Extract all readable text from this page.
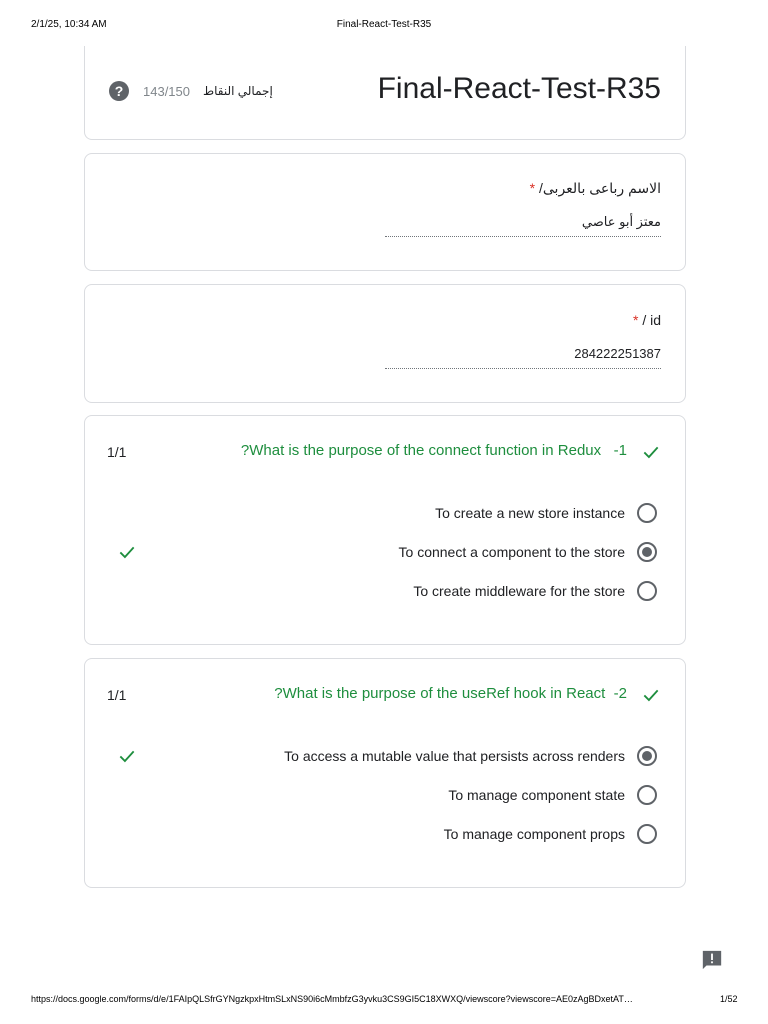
2/1/25, 10:34 AM	Final-React-Test-R35
Final-React-Test-R35
?	143/150 إجمالي النقاط
الاسم رباعى بالعربى/ *
معتز أبو عاصي
* / id
284222251387
1/1	?What is the purpose of the connect function in Redux 1-
To create a new store instance
To connect a component to the store
To create middleware for the store
1/1	?What is the purpose of the useRef hook in React 2-
To access a mutable value that persists across renders
To manage component state
To manage component props
https://docs.google.com/forms/d/e/1FAIpQLSfrGYNgzkpxHtmSLxNS90i6cMmbfzG3yvku3CS9GI5C18XWXQ/viewscore?viewscore=AE0zAgBDxetAT…	1/52
